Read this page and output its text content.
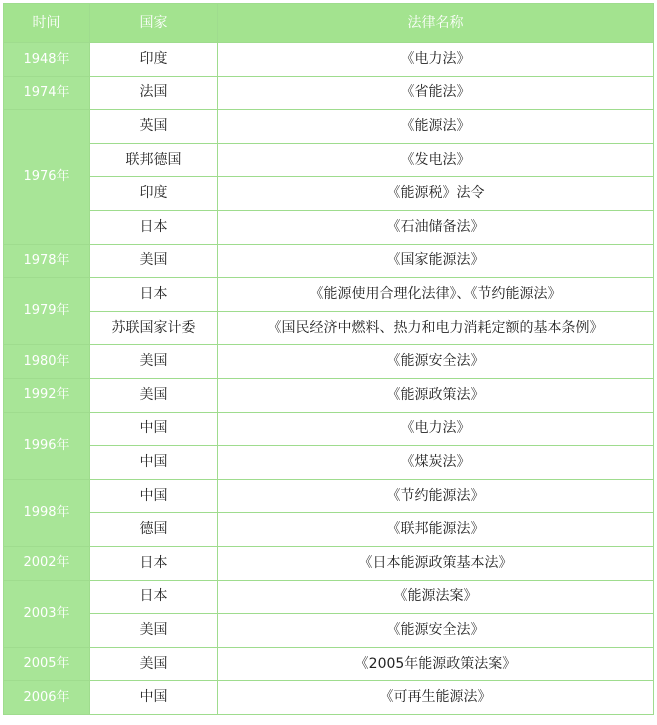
时间	国家	法律名称
1948年	印度	《电力法》
1974年	法国	《省能法》
1976年	英国	《能源法》
	联邦德国	《发电法》
	印度	《能源税》法令
	日本	《石油储备法》
1978年	美国	《国家能源法》
1979年	日本	《能源使用合理化法律》、《节约能源法》
	苏联国家计委	《国民经济中燃料、热力和电力消耗定额的基本条例》
1980年	美国	《能源安全法》
1992年	美国	《能源政策法》
1996年	中国	《电力法》
	中国	《煤炭法》
1998年	中国	《节约能源法》
	德国	《联邦能源法》
2002年	日本	《日本能源政策基本法》
2003年	日本	《能源法案》
	美国	《能源安全法》
2005年	美国	《2005年能源政策法案》
2006年	中国	《可再生能源法》
